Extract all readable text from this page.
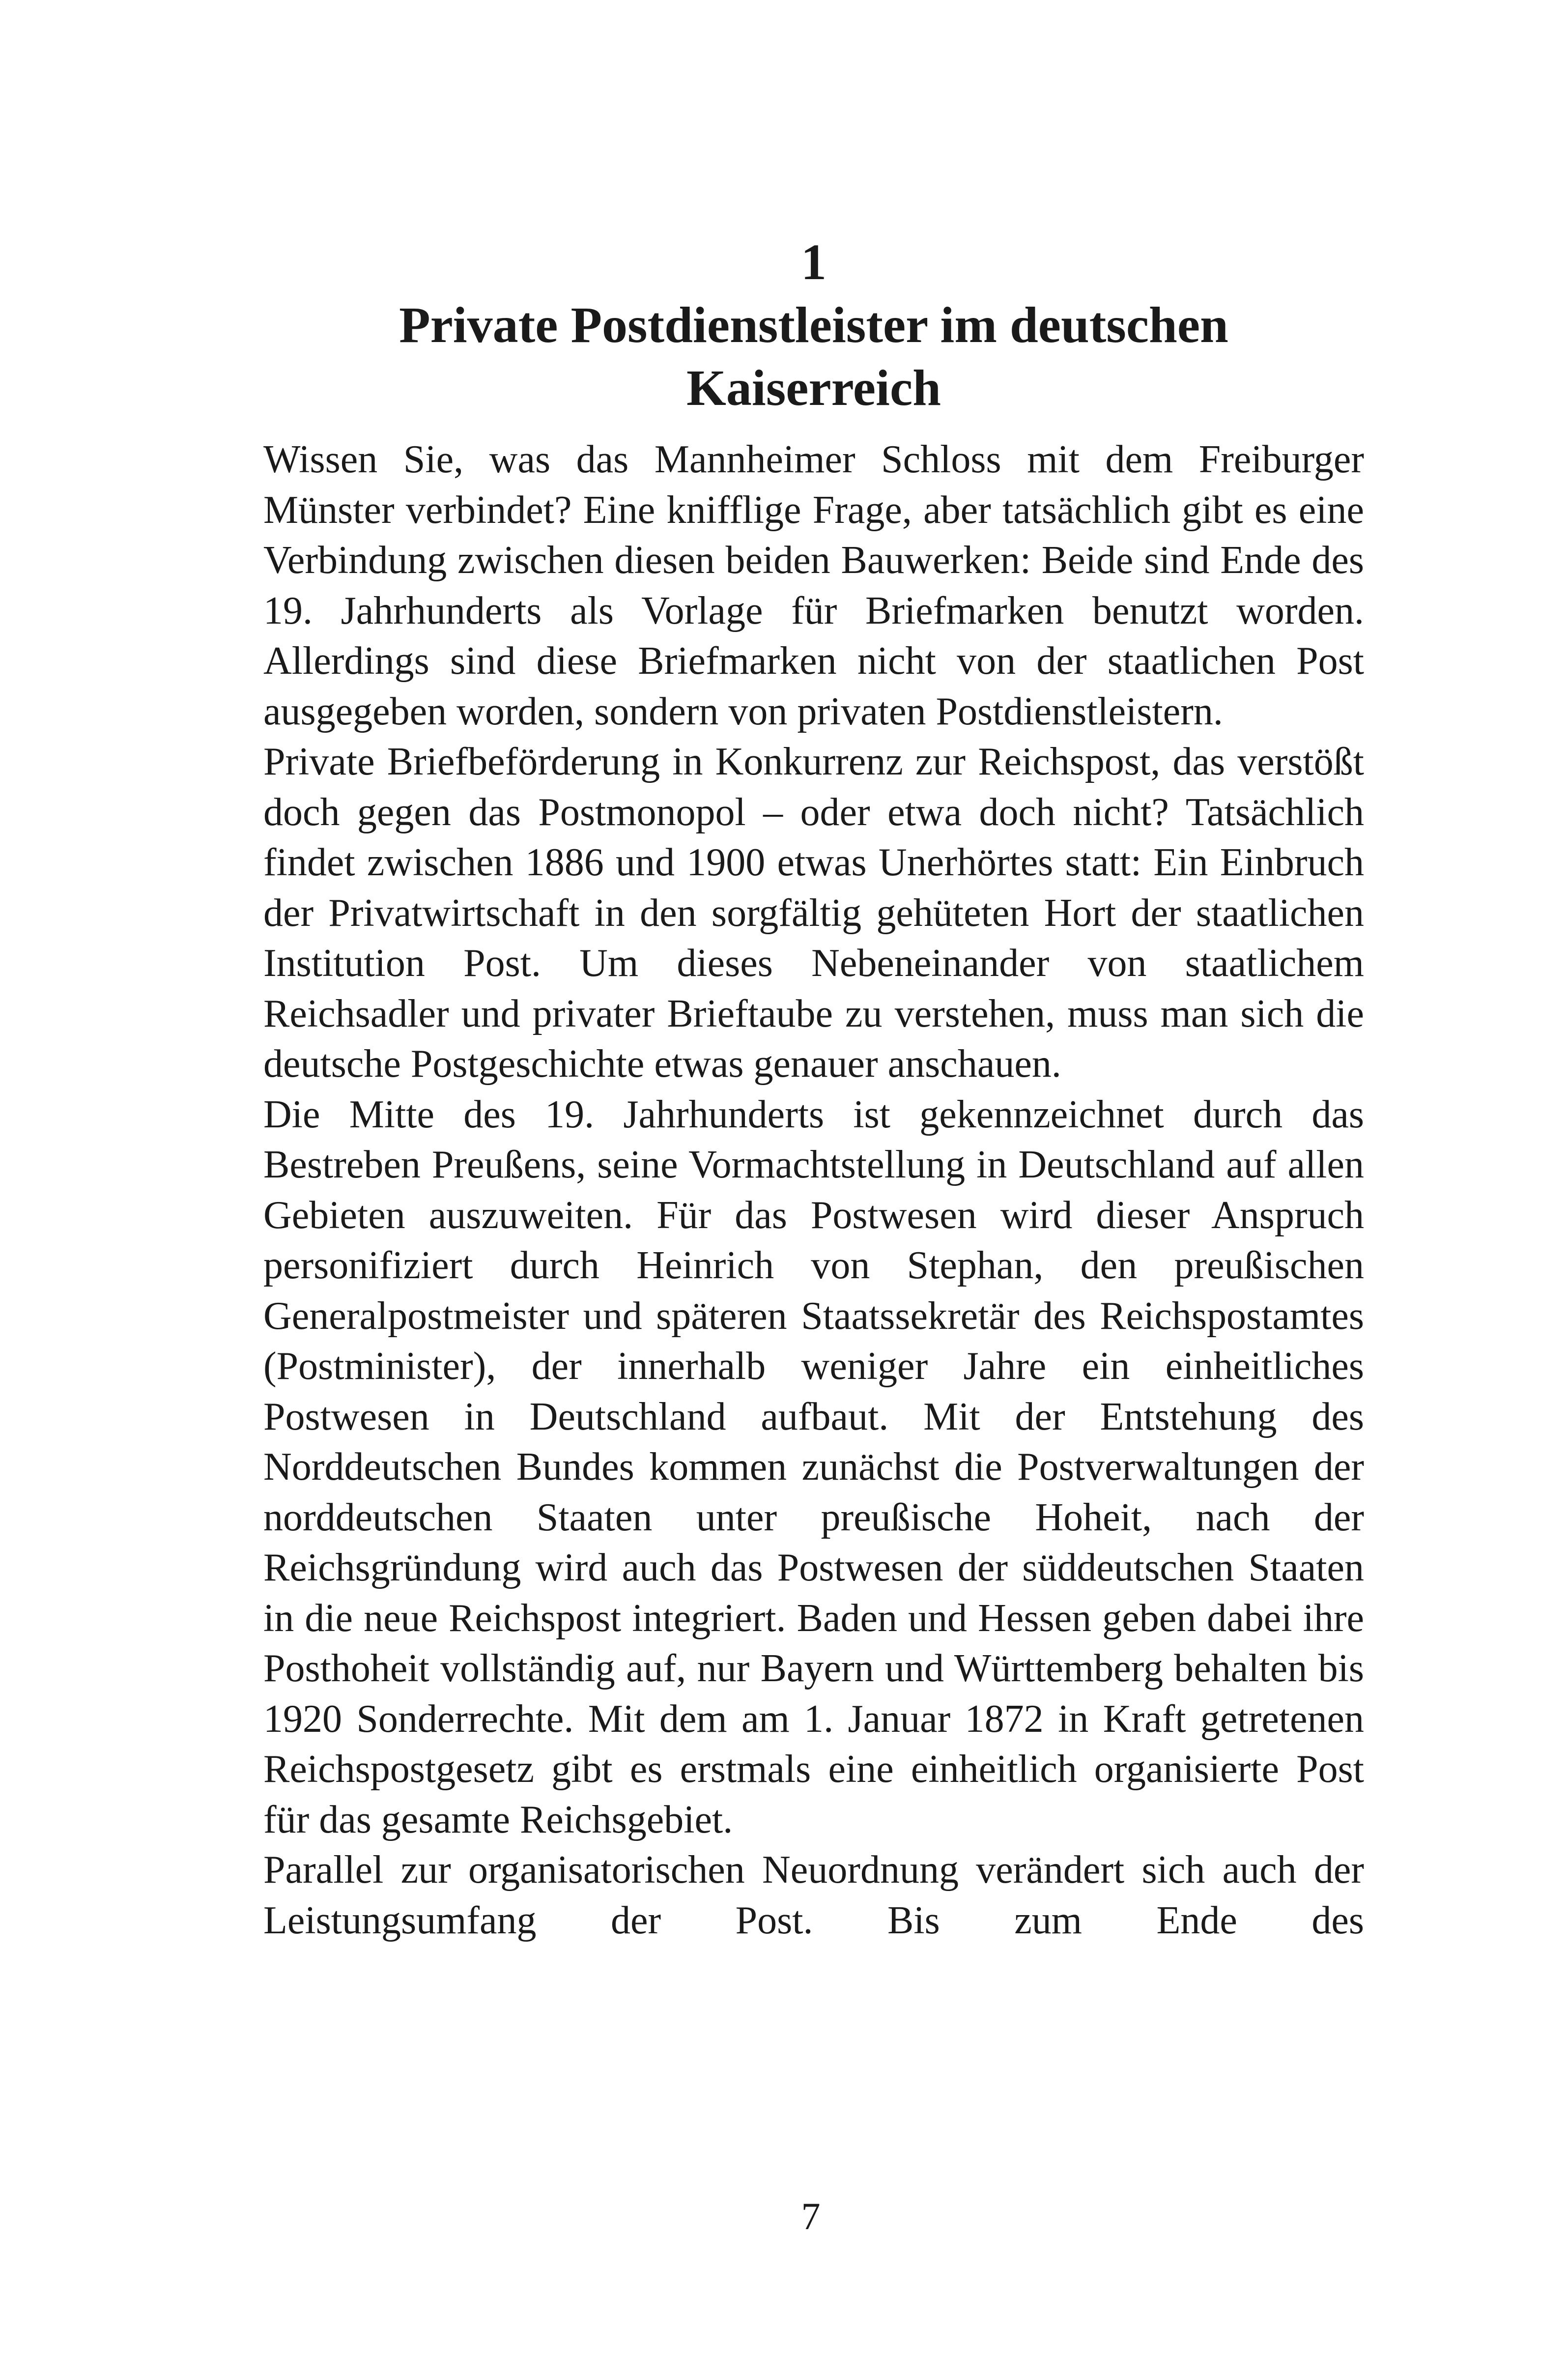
1
Private Postdienstleister im deutschen
Kaiserreich

Wissen Sie, was das Mannheimer Schloss mit dem Freiburger Münster verbindet? Eine knifflige Frage, aber tatsächlich gibt es eine Verbindung zwischen diesen beiden Bauwerken: Beide sind Ende des 19. Jahrhunderts als Vorlage für Briefmarken benutzt worden. Allerdings sind diese Briefmarken nicht von der staatlichen Post ausgegeben worden, sondern von privaten Postdienstleistern.

Private Briefbeförderung in Konkurrenz zur Reichspost, das verstößt doch gegen das Postmonopol – oder etwa doch nicht? Tatsächlich findet zwischen 1886 und 1900 etwas Unerhörtes statt: Ein Einbruch der Privatwirtschaft in den sorgfältig gehüteten Hort der staatlichen Institution Post. Um dieses Nebeneinander von staatlichem Reichsadler und privater Brieftaube zu verstehen, muss man sich die deutsche Postgeschichte etwas genauer anschauen.

Die Mitte des 19. Jahrhunderts ist gekennzeichnet durch das Bestreben Preußens, seine Vormachtstellung in Deutschland auf allen Gebieten auszuweiten. Für das Postwesen wird dieser Anspruch personifiziert durch Heinrich von Stephan, den preußischen Generalpostmeister und späteren Staatssekretär des Reichspostamtes (Postminister), der innerhalb weniger Jahre ein einheitliches Postwesen in Deutschland aufbaut. Mit der Entstehung des Norddeutschen Bundes kommen zunächst die Postverwaltungen der norddeutschen Staaten unter preußische Hoheit, nach der Reichsgründung wird auch das Postwesen der süddeutschen Staaten in die neue Reichspost integriert. Baden und Hessen geben dabei ihre Posthoheit vollständig auf, nur Bayern und Württemberg behalten bis 1920 Sonderrechte. Mit dem am 1. Januar 1872 in Kraft getretenen Reichspostgesetz gibt es erstmals eine einheitlich organisierte Post für das gesamte Reichsgebiet.

Parallel zur organisatorischen Neuordnung verändert sich auch der Leistungsumfang der Post. Bis zum Ende des

7
